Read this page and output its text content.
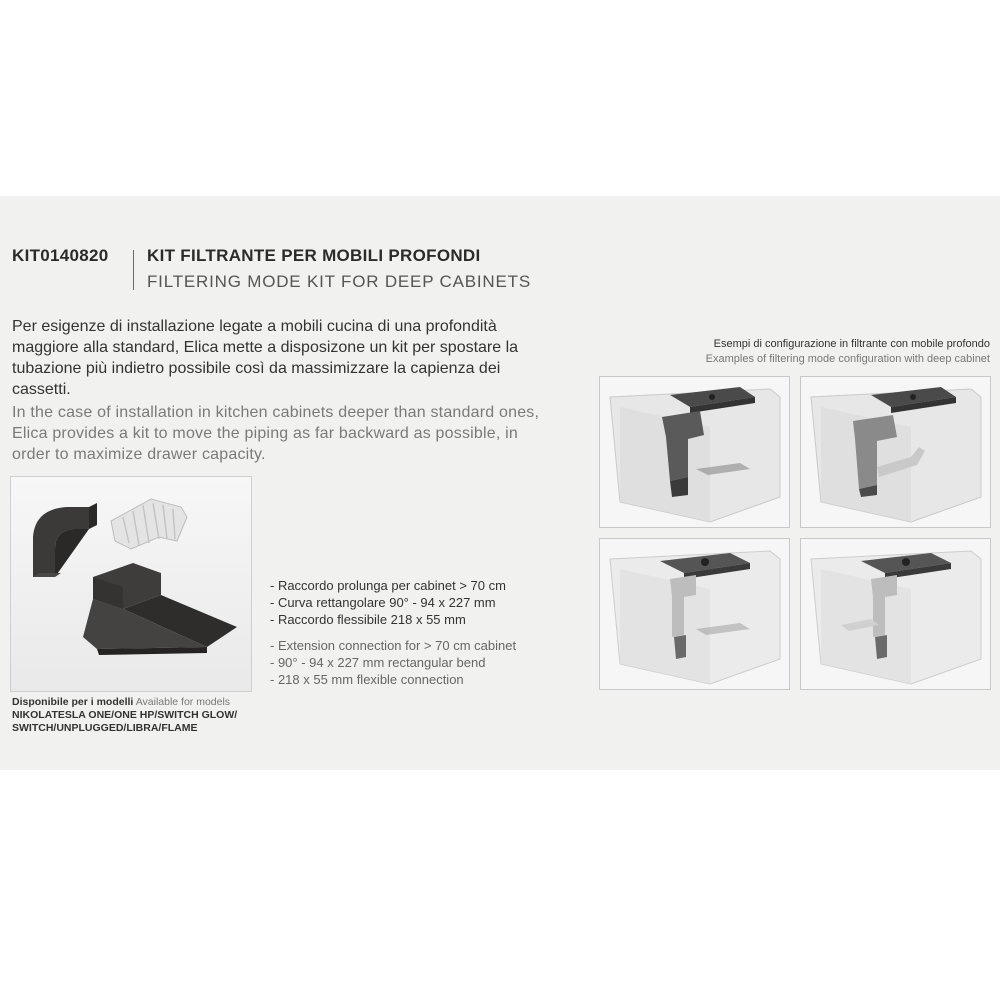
KIT0140820 KIT FILTRANTE PER MOBILI PROFONDI
FILTERING MODE KIT FOR DEEP CABINETS
Per esigenze di installazione legate a mobili cucina di una profondità maggiore alla standard, Elica mette a disposizone un kit per spostare la tubazione più indietro possibile così da massimizzare la capienza dei cassetti.
In the case of installation in kitchen cabinets deeper than standard ones, Elica provides a kit to move the piping as far backward as possible, in order to maximize drawer capacity.
Disponibile per i modelli Available for models
NIKOLATESLA ONE/ONE HP/SWITCH GLOW/
SWITCH/UNPLUGGED/LIBRA/FLAME
- Raccordo prolunga per cabinet > 70 cm
- Curva rettangolare 90° - 94 x 227 mm
- Raccordo flessibile 218 x 55 mm
- Extension connection for > 70 cm cabinet
- 90° - 94 x 227 mm rectangular bend
- 218 x 55 mm flexible connection
Esempi di configurazione in filtrante con mobile profondo
Examples of filtering mode configuration with deep cabinet
